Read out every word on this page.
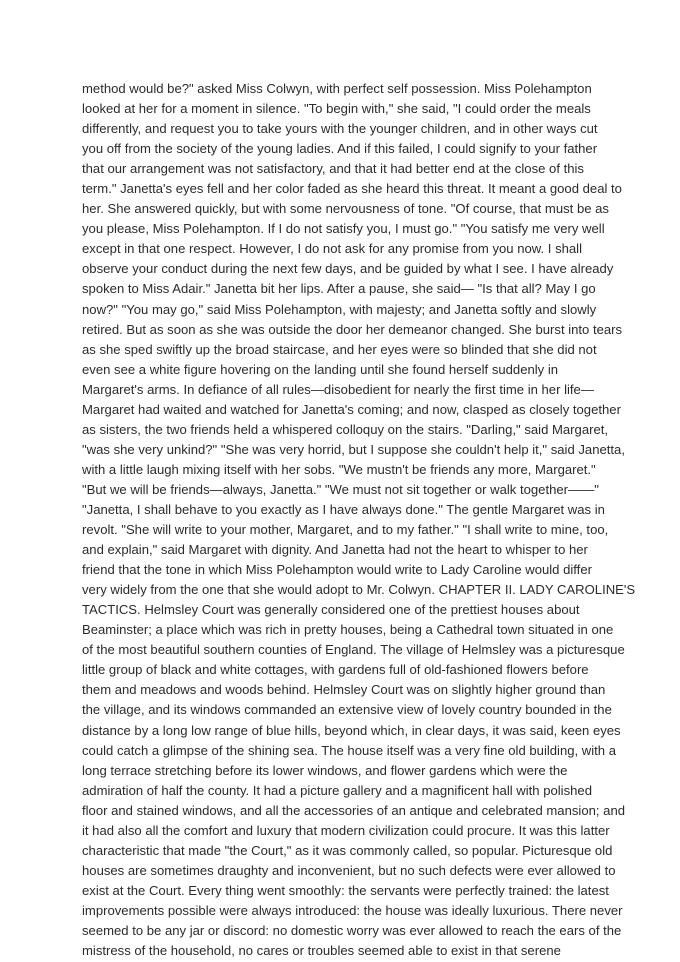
method would be?" asked Miss Colwyn, with perfect self possession. Miss Polehampton
looked at her for a moment in silence. "To begin with," she said, "I could order the meals
differently, and request you to take yours with the younger children, and in other ways cut
you off from the society of the young ladies. And if this failed, I could signify to your father
that our arrangement was not satisfactory, and that it had better end at the close of this
term." Janetta's eyes fell and her color faded as she heard this threat. It meant a good deal to
her. She answered quickly, but with some nervousness of tone. "Of course, that must be as
you please, Miss Polehampton. If I do not satisfy you, I must go." "You satisfy me very well
except in that one respect. However, I do not ask for any promise from you now. I shall
observe your conduct during the next few days, and be guided by what I see. I have already
spoken to Miss Adair." Janetta bit her lips. After a pause, she said— "Is that all? May I go
now?" "You may go," said Miss Polehampton, with majesty; and Janetta softly and slowly
retired. But as soon as she was outside the door her demeanor changed. She burst into tears
as she sped swiftly up the broad staircase, and her eyes were so blinded that she did not
even see a white figure hovering on the landing until she found herself suddenly in
Margaret's arms. In defiance of all rules—disobedient for nearly the first time in her life—
Margaret had waited and watched for Janetta's coming; and now, clasped as closely together
as sisters, the two friends held a whispered colloquy on the stairs. "Darling," said Margaret,
"was she very unkind?" "She was very horrid, but I suppose she couldn't help it," said Janetta,
with a little laugh mixing itself with her sobs. "We mustn't be friends any more, Margaret."
"But we will be friends—always, Janetta." "We must not sit together or walk together——"
"Janetta, I shall behave to you exactly as I have always done." The gentle Margaret was in
revolt. "She will write to your mother, Margaret, and to my father." "I shall write to mine, too,
and explain," said Margaret with dignity. And Janetta had not the heart to whisper to her
friend that the tone in which Miss Polehampton would write to Lady Caroline would differ
very widely from the one that she would adopt to Mr. Colwyn. CHAPTER II. LADY CAROLINE'S
TACTICS. Helmsley Court was generally considered one of the prettiest houses about
Beaminster; a place which was rich in pretty houses, being a Cathedral town situated in one
of the most beautiful southern counties of England. The village of Helmsley was a picturesque
little group of black and white cottages, with gardens full of old-fashioned flowers before
them and meadows and woods behind. Helmsley Court was on slightly higher ground than
the village, and its windows commanded an extensive view of lovely country bounded in the
distance by a long low range of blue hills, beyond which, in clear days, it was said, keen eyes
could catch a glimpse of the shining sea. The house itself was a very fine old building, with a
long terrace stretching before its lower windows, and flower gardens which were the
admiration of half the county. It had a picture gallery and a magnificent hall with polished
floor and stained windows, and all the accessories of an antique and celebrated mansion; and
it had also all the comfort and luxury that modern civilization could procure. It was this latter
characteristic that made "the Court," as it was commonly called, so popular. Picturesque old
houses are sometimes draughty and inconvenient, but no such defects were ever allowed to
exist at the Court. Every thing went smoothly: the servants were perfectly trained: the latest
improvements possible were always introduced: the house was ideally luxurious. There never
seemed to be any jar or discord: no domestic worry was ever allowed to reach the ears of the
mistress of the household, no cares or troubles seemed able to exist in that serene
